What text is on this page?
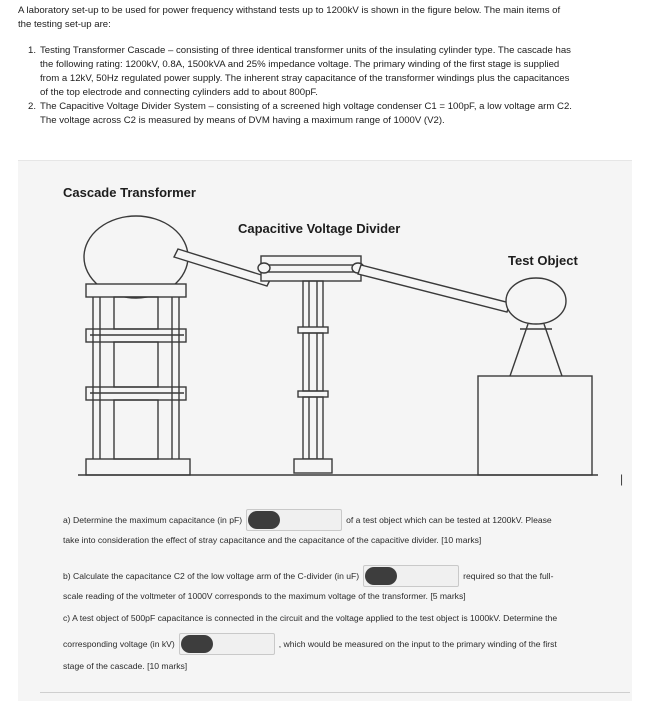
A laboratory set-up to be used for power frequency withstand tests up to 1200kV is shown in the figure below. The main items of
the testing set-up are:
1. Testing Transformer Cascade – consisting of three identical transformer units of the insulating cylinder type. The cascade has
the following rating: 1200kV, 0.8A, 1500kVA and 25% impedance voltage. The primary winding of the first stage is supplied
from a 12kV, 50Hz regulated power supply. The inherent stray capacitance of the transformer windings plus the capacitances
of the top electrode and connecting cylinders add to about 800pF.
2. The Capacitive Voltage Divider System – consisting of a screened high voltage condenser C1 = 100pF, a low voltage arm C2.
The voltage across C2 is measured by means of DVM having a maximum range of 1000V (V2).
Cascade Transformer
Capacitive Voltage Divider
Test Object
|
a) Determine the maximum capacitance (in pF)	of a test object which can be tested at 1200kV. Please
take into consideration the effect of stray capacitance and the capacitance of the capacitive divider. [10 marks]
b) Calculate the capacitance C2 of the low voltage arm of the C-divider (in uF)	required so that the full-
scale reading of the voltmeter of 1000V corresponds to the maximum voltage of the transformer. [5 marks]
c) A test object of 500pF capacitance is connected in the circuit and the voltage applied to the test object is 1000kV. Determine the
corresponding voltage (in kV)	, which would be measured on the input to the primary winding of the first
stage of the cascade. [10 marks]
